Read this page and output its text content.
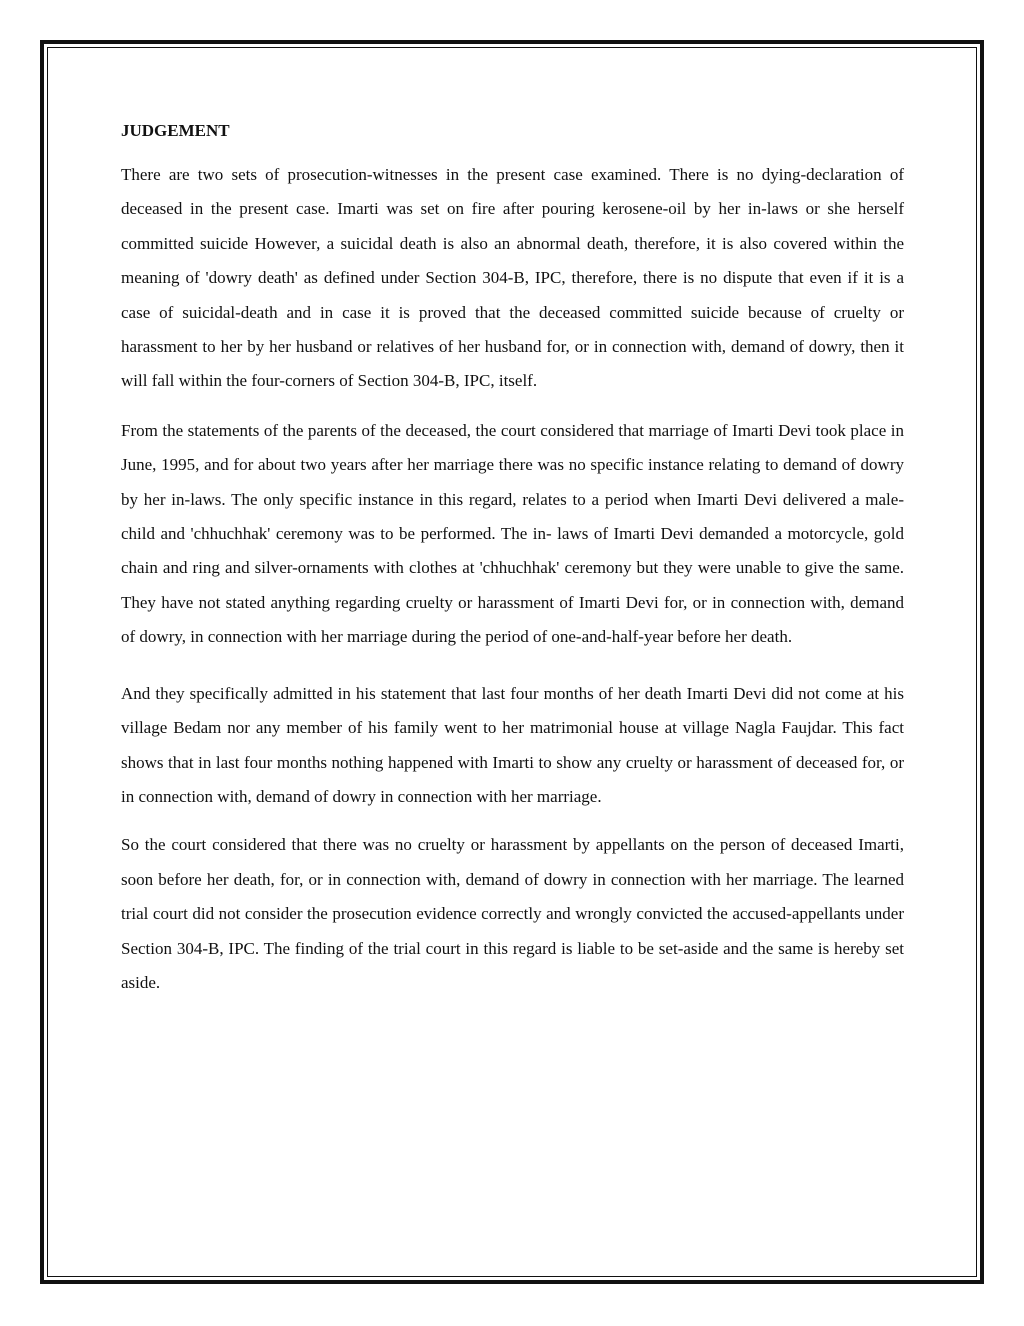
JUDGEMENT

There are two sets of prosecution-witnesses in the present case examined. There is no dying-declaration of deceased in the present case. Imarti was set on fire after pouring kerosene-oil by her in-laws or she herself committed suicide However, a suicidal death is also an abnormal death, therefore, it is also covered within the meaning of 'dowry death' as defined under Section 304-B, IPC, therefore, there is no dispute that even if it is a case of suicidal-death and in case it is proved that the deceased committed suicide because of cruelty or harassment to her by her husband or relatives of her husband for, or in connection with, demand of dowry, then it will fall within the four-corners of Section 304-B, IPC, itself.

From the statements of the parents of the deceased, the court considered that marriage of Imarti Devi took place in June, 1995, and for about two years after her marriage there was no specific instance relating to demand of dowry by her in-laws. The only specific instance in this regard, relates to a period when Imarti Devi delivered a male-child and 'chhuchhak' ceremony was to be performed. The in- laws of Imarti Devi demanded a motorcycle, gold chain and ring and silver-ornaments with clothes at 'chhuchhak' ceremony but they were unable to give the same. They have not stated anything regarding cruelty or harassment of Imarti Devi for, or in connection with, demand of dowry, in connection with her marriage during the period of one-and-half-year before her death.

And they specifically admitted in his statement that last four months of her death Imarti Devi did not come at his village Bedam nor any member of his family went to her matrimonial house at village Nagla Faujdar. This fact shows that in last four months nothing happened with Imarti to show any cruelty or harassment of deceased for, or in connection with, demand of dowry in connection with her marriage.

So the court considered that there was no cruelty or harassment by appellants on the person of deceased Imarti, soon before her death, for, or in connection with, demand of dowry in connection with her marriage. The learned trial court did not consider the prosecution evidence correctly and wrongly convicted the accused-appellants under Section 304-B, IPC. The finding of the trial court in this regard is liable to be set-aside and the same is hereby set aside.
